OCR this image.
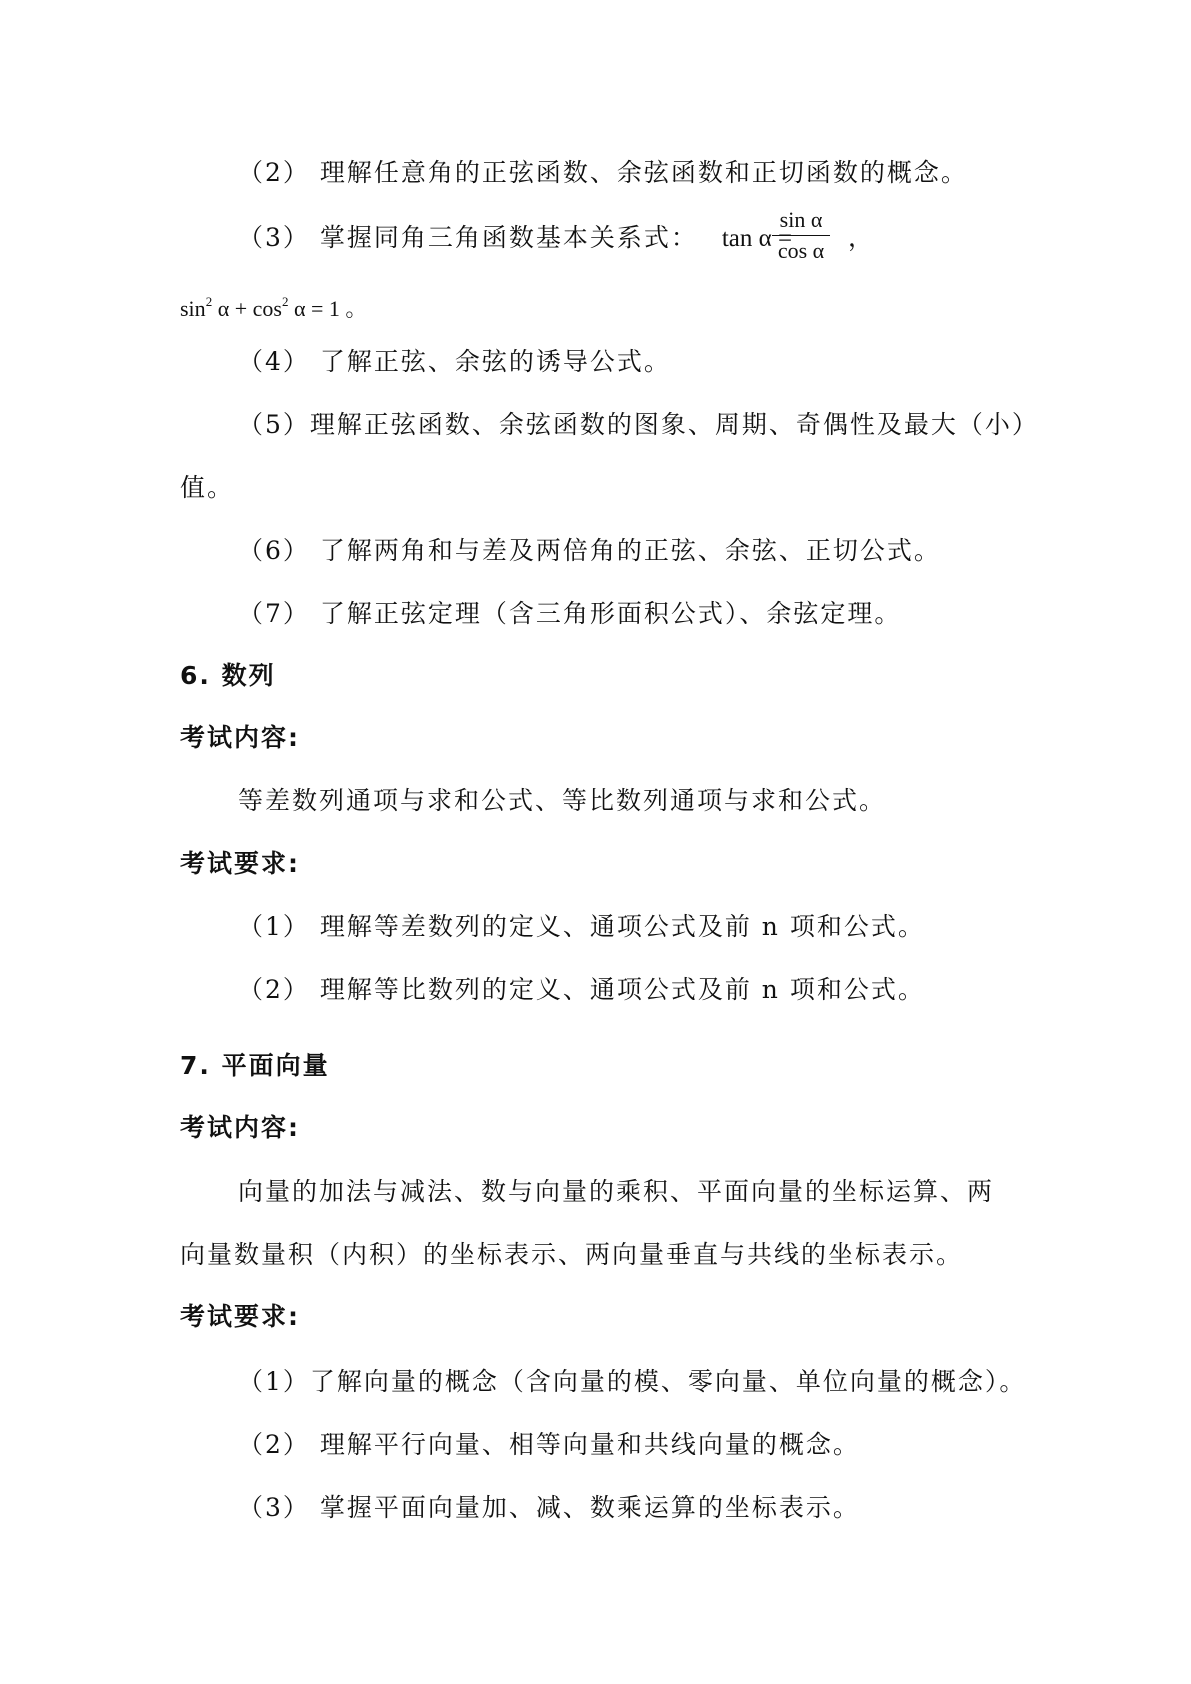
（2） 理解任意角的正弦函数、余弦函数和正切函数的概念。
（3） 掌握同角三角函数基本关系式： tan α =
sin α
cos α ，
$\sin^2 \alpha + \cos^2 \alpha = 1$ 。
（4） 了解正弦、余弦的诱导公式。
（5）理解正弦函数、余弦函数的图象、周期、奇偶性及最大（小）
值。
（6） 了解两角和与差及两倍角的正弦、余弦、正切公式。
（7） 了解正弦定理（含三角形面积公式）、余弦定理。
6. 数列
考试内容:
等差数列通项与求和公式、等比数列通项与求和公式。
考试要求:
（1） 理解等差数列的定义、通项公式及前 n 项和公式。
（2） 理解等比数列的定义、通项公式及前 n 项和公式。
7. 平面向量
考试内容:
向量的加法与减法、数与向量的乘积、平面向量的坐标运算、两
向量数量积（内积）的坐标表示、两向量垂直与共线的坐标表示。
考试要求:
（1）了解向量的概念（含向量的模、零向量、单位向量的概念）。
（2） 理解平行向量、相等向量和共线向量的概念。
（3） 掌握平面向量加、减、数乘运算的坐标表示。
